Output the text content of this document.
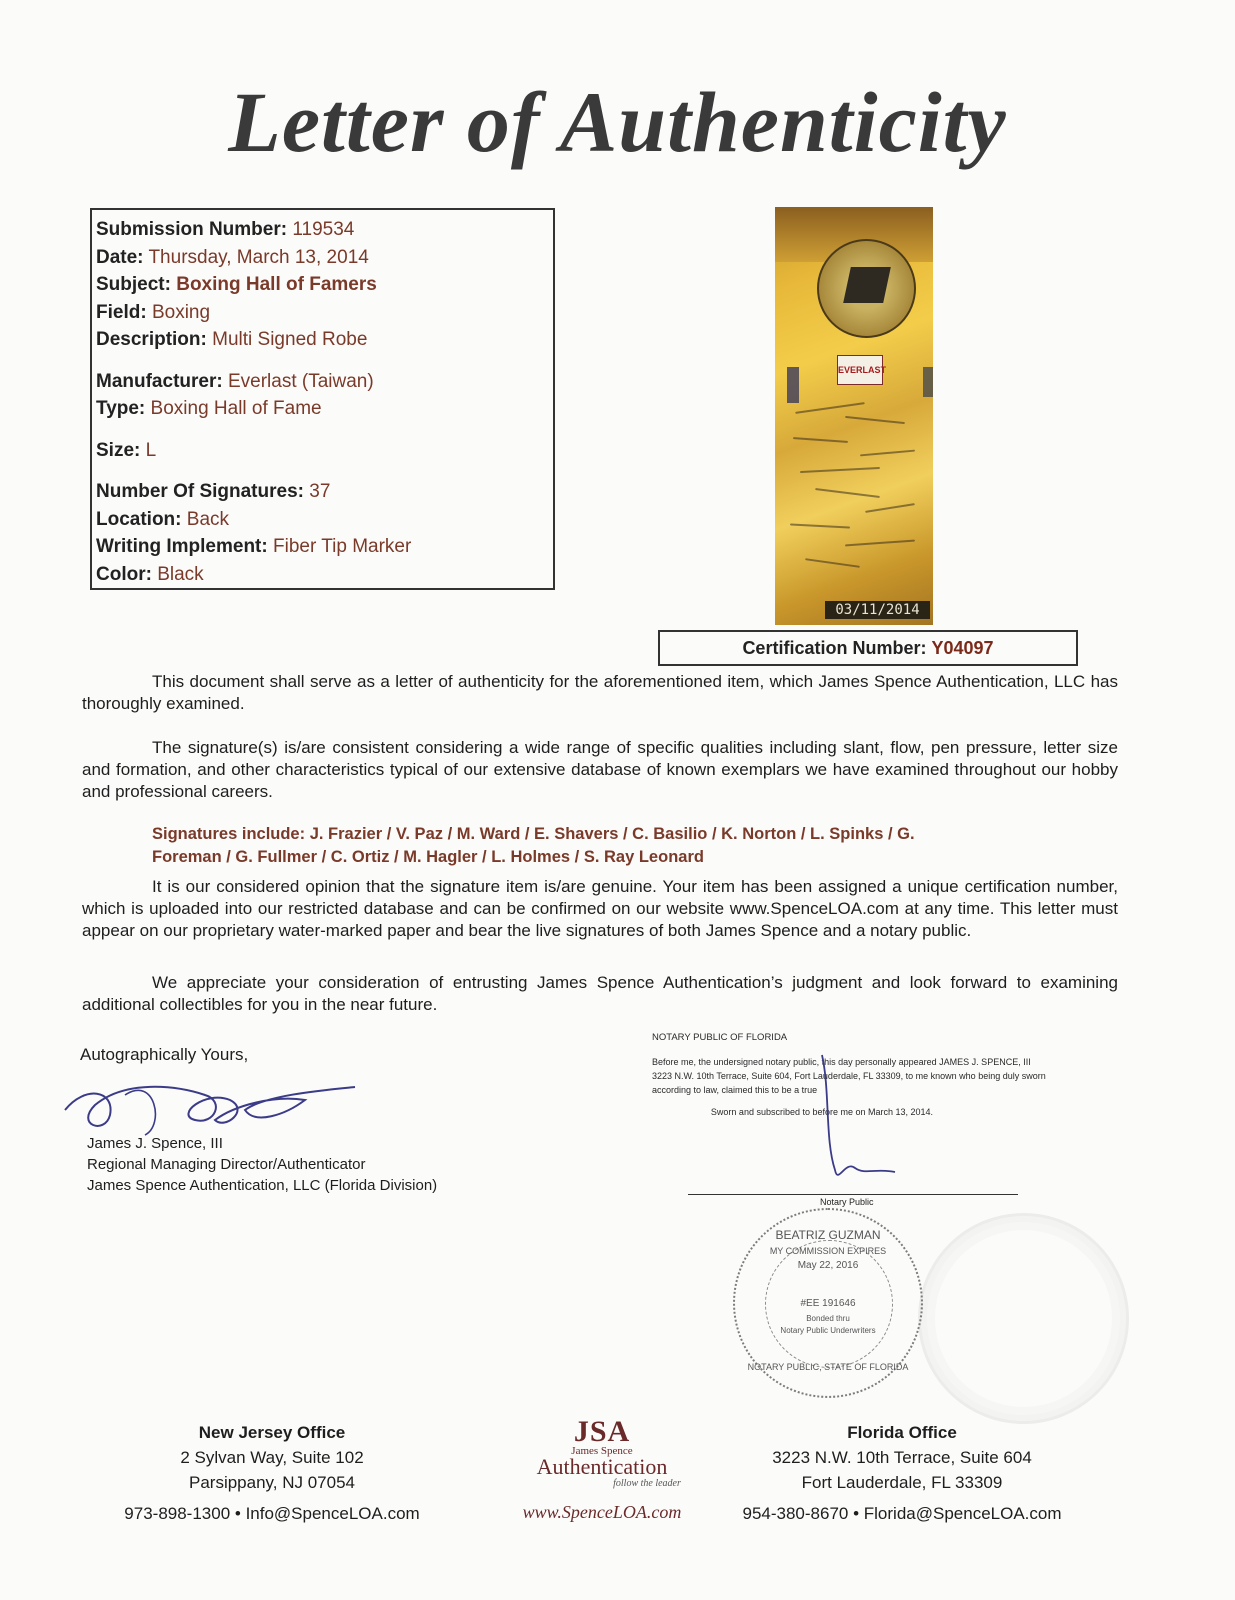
Letter of Authenticity
Submission Number: 119534
Date: Thursday, March 13, 2014
Subject: Boxing Hall of Famers
Field: Boxing
Description: Multi Signed Robe
Manufacturer: Everlast (Taiwan)
Type: Boxing Hall of Fame
Size: L
Number Of Signatures: 37
Location: Back
Writing Implement: Fiber Tip Marker
Color: Black
EVERLAST
03/11/2014
Certification Number: Y04097
This document shall serve as a letter of authenticity for the aforementioned item, which James Spence Authentication, LLC has thoroughly examined.
The signature(s) is/are consistent considering a wide range of specific qualities including slant, flow, pen pressure, letter size and formation, and other characteristics typical of our extensive database of known exemplars we have examined throughout our hobby and professional careers.
Signatures include: J. Frazier / V. Paz / M. Ward / E. Shavers / C. Basilio / K. Norton / L. Spinks / G. Foreman / G. Fullmer / C. Ortiz / M. Hagler / L. Holmes / S. Ray Leonard
It is our considered opinion that the signature item is/are genuine. Your item has been assigned a unique certification number, which is uploaded into our restricted database and can be confirmed on our website www.SpenceLOA.com at any time. This letter must appear on our proprietary water-marked paper and bear the live signatures of both James Spence and a notary public.
We appreciate your consideration of entrusting James Spence Authentication’s judgment and look forward to examining additional collectibles for you in the near future.
Autographically Yours,
James J. Spence, III
Regional Managing Director/Authenticator
James Spence Authentication, LLC (Florida Division)
NOTARY PUBLIC OF FLORIDA
Before me, the undersigned notary public, this day personally appeared JAMES J. SPENCE, III 3223 N.W. 10th Terrace, Suite 604, Fort Lauderdale, FL 33309, to me known who being duly sworn according to law, claimed this to be a true
Sworn and subscribed to before me on March 13, 2014.
Notary Public
BEATRIZ GUZMAN
MY COMMISSION EXPIRES
May 22, 2016
#EE 191646
Bonded thru
Notary Public Underwriters
NOTARY PUBLIC, STATE OF FLORIDA
New Jersey Office
2 Sylvan Way, Suite 102
Parsippany, NJ 07054
973-898-1300 • Info@SpenceLOA.com
JSA
James Spence
Authentication
follow the leader
www.SpenceLOA.com
Florida Office
3223 N.W. 10th Terrace, Suite 604
Fort Lauderdale, FL 33309
954-380-8670 • Florida@SpenceLOA.com
